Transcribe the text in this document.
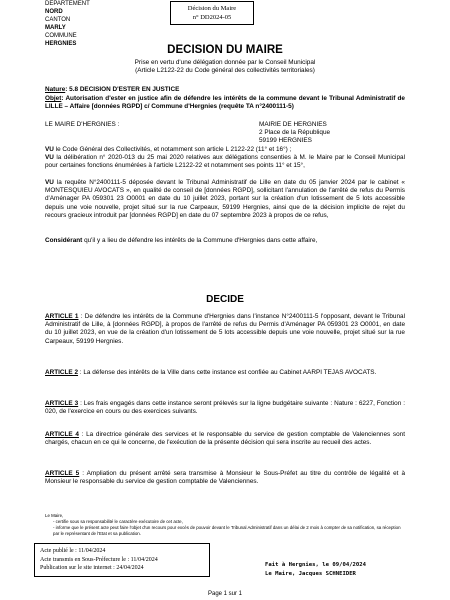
DEPARTEMENT
NORD
CANTON
MARLY
COMMUNE
HERGNIES
Décision du Maire
n° DD2024-05
DECISION DU MAIRE
Prise en vertu d'une délégation donnée par le Conseil Municipal
(Article L2122-22 du Code général des collectivités territoriales)
Nature: 5.8 DECISION D'ESTER EN JUSTICE
Objet: Autorisation d'ester en justice afin de défendre les intérêts de la commune devant le Tribunal Administratif de LILLE – Affaire [données RGPD] c/ Commune d'Hergnies (requête TA n°2400111-5)
LE MAIRE D'HERGNIES :	MAIRIE DE HERGNIES
2 Place de la République
59199 HERGNIES
VU le Code Général des Collectivités, et notamment son article L 2122-22 (11° et 16°) ;
VU la délibération n° 2020-013 du 25 mai 2020 relatives aux délégations consenties à M. le Maire par le Conseil Municipal pour certaines fonctions énumérées à l'article L2122-22 et notamment ses points 11° et 15°,
VU la requête N°2400111-5 déposée devant le Tribunal Administratif de Lille en date du 05 janvier 2024 par le cabinet « MONTESQUIEU AVOCATS », en qualité de conseil de [données RGPD], sollicitant l'annulation de l'arrêté de refus du Permis d'Aménager PA 059301 23 O0001 en date du 10 juillet 2023, portant sur la création d'un lotissement de 5 lots accessible depuis une voie nouvelle, projet situé sur la rue Carpeaux, 59199 Hergnies, ainsi que de la décision implicite de rejet du recours gracieux introduit par [données RGPD] en date du 07 septembre 2023 à propos de ce refus,
Considérant qu'il y a lieu de défendre les intérêts de la Commune d'Hergnies dans cette affaire,
DECIDE
ARTICLE 1 : De défendre les intérêts de la Commune d'Hergnies dans l'instance N°2400111-5 l'opposant, devant le Tribunal Administratif de Lille, à [données RGPD], à propos de l'arrêté de refus du Permis d'Aménager PA 059301 23 O0001, en date du 10 juillet 2023, en vue de la création d'un lotissement de 5 lots accessible depuis une voie nouvelle, projet situé sur la rue Carpeaux, 59199 Hergnies.
ARTICLE 2 : La défense des intérêts de la Ville dans cette instance est confiée au Cabinet AARPI TEJAS AVOCATS.
ARTICLE 3 : Les frais engagés dans cette instance seront prélevés sur la ligne budgétaire suivante : Nature : 6227, Fonction : 020, de l'exercice en cours ou des exercices suivants.
ARTICLE 4 : La directrice générale des services et le responsable du service de gestion comptable de Valenciennes sont chargés, chacun en ce qui le concerne, de l'exécution de la présente décision qui sera inscrite au recueil des actes.
ARTICLE 5 : Ampliation du présent arrêté sera transmise à Monsieur le Sous-Préfet au titre du contrôle de légalité et à Monsieur le responsable du service de gestion comptable de Valenciennes.
Le Maire,
- certifie sous sa responsabilité le caractère exécutoire de cet acte,
- informe que le présent acte peut faire l'objet d'un recours pour excès de pouvoir devant le Tribunal Administratif dans un délai de 2 mois à compter de sa notification, sa réception par le représentant de l'Etat et sa publication.
Acte publié le : 11/04/2024
Acte transmis en Sous-Préfecture le : 11/04/2024
Publication sur le site internet : 24/04/2024
Fait à Hergnies, le 09/04/2024
Le Maire, Jacques SCHNEIDER
Page 1 sur 1
